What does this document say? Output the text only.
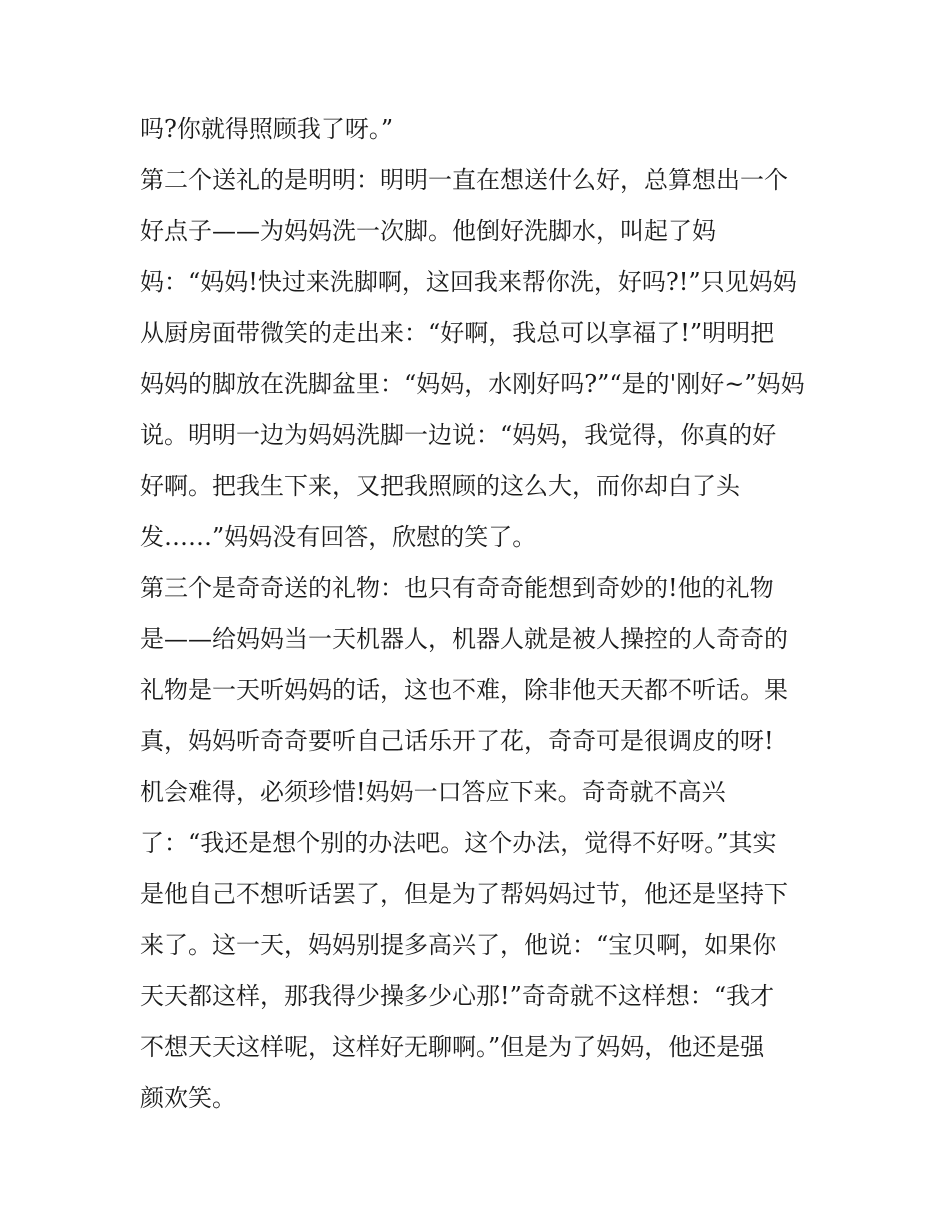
吗?你就得照顾我了呀。”
第二个送礼的是明明：明明一直在想送什么好，总算想出一个
好点子——为妈妈洗一次脚。他倒好洗脚水，叫起了妈
妈：“妈妈!快过来洗脚啊，这回我来帮你洗，好吗?!”只见妈妈
从厨房面带微笑的走出来：“好啊，我总可以享福了!”明明把
妈妈的脚放在洗脚盆里：“妈妈，水刚好吗?”“是的'刚好~”妈妈
说。明明一边为妈妈洗脚一边说：“妈妈，我觉得，你真的好
好啊。把我生下来，又把我照顾的这么大，而你却白了头
发……”妈妈没有回答，欣慰的笑了。
第三个是奇奇送的礼物：也只有奇奇能想到奇妙的!他的礼物
是——给妈妈当一天机器人，机器人就是被人操控的人奇奇的
礼物是一天听妈妈的话，这也不难，除非他天天都不听话。果
真，妈妈听奇奇要听自己话乐开了花，奇奇可是很调皮的呀!
机会难得，必须珍惜!妈妈一口答应下来。奇奇就不高兴
了：“我还是想个别的办法吧。这个办法，觉得不好呀。”其实
是他自己不想听话罢了，但是为了帮妈妈过节，他还是坚持下
来了。这一天，妈妈别提多高兴了，他说：“宝贝啊，如果你
天天都这样，那我得少操多少心那!”奇奇就不这样想：“我才
不想天天这样呢，这样好无聊啊。”但是为了妈妈，他还是强
颜欢笑。
